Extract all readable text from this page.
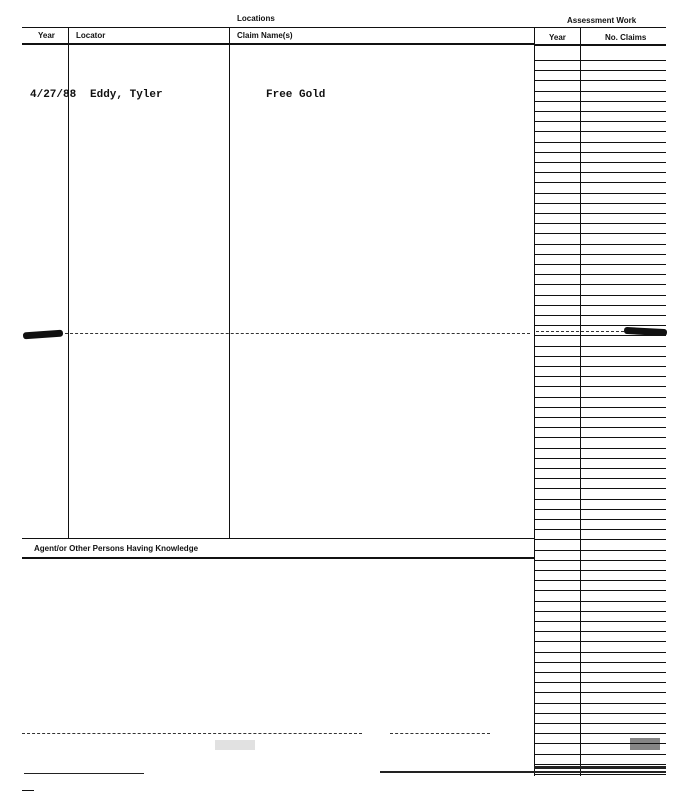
Locations	Assessment Work
Year	Locator	Claim Name(s)	Year	No. Claims
4/27/88 Eddy, Tyler	Free Gold
Agent/or Other Persons Having Knowledge
